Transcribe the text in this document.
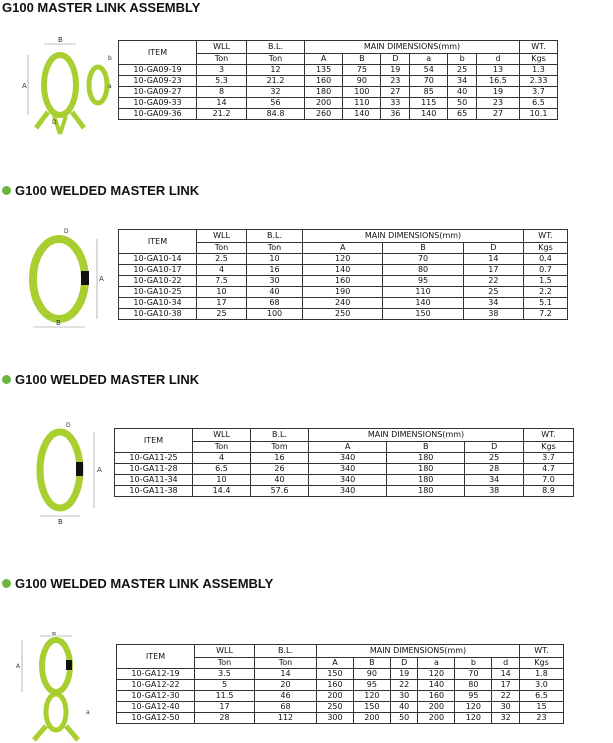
G100 MASTER LINK ASSEMBLY
A
B
b
a
D
ITEM	WLL	B.L.	MAIN DIMENSIONS(mm)						WT.
	Ton	Ton	A	B	D	a	b	d	Kgs
10-GA09-19	3	12	135	75	19	54	25	13	1.3
10-GA09-23	5.3	21.2	160	90	23	70	34	16.5	2.33
10-GA09-27	8	32	180	100	27	85	40	19	3.7
10-GA09-33	14	56	200	110	33	115	50	23	6.5
10-GA09-36	21.2	84.8	260	140	36	140	65	27	10.1
G100 WELDED MASTER LINK
A
B
D
ITEM	WLL	B.L.	MAIN DIMENSIONS(mm)			WT.
	Ton	Ton	A	B	D	Kgs
10-GA10-14	2.5	10	120	70	14	0.4
10-GA10-17	4	16	140	80	17	0.7
10-GA10-22	7.5	30	160	95	22	1.5
10-GA10-25	10	40	190	110	25	2.2
10-GA10-34	17	68	240	140	34	5.1
10-GA10-38	25	100	250	150	38	7.2
G100 WELDED MASTER LINK
A
B
D
ITEM	WLL	B.L.	MAIN DIMENSIONS(mm)			WT.
	Ton	Tom	A	B	D	Kgs
10-GA11-25	4	16	340	180	25	3.7
10-GA11-28	6.5	26	340	180	28	4.7
10-GA11-34	10	40	340	180	34	7.0
10-GA11-38	14.4	57.6	340	180	38	8.9
G100 WELDED MASTER LINK ASSEMBLY
B
A
a
ITEM	WLL	B.L.	MAIN DIMENSIONS(mm)						WT.
	Ton	Ton	A	B	D	a	b	d	Kgs
10-GA12-19	3.5	14	150	90	19	120	70	14	1.8
10-GA12-22	5	20	160	95	22	140	80	17	3.0
10-GA12-30	11.5	46	200	120	30	160	95	22	6.5
10-GA12-40	17	68	250	150	40	200	120	30	15
10-GA12-50	28	112	300	200	50	200	120	32	23
